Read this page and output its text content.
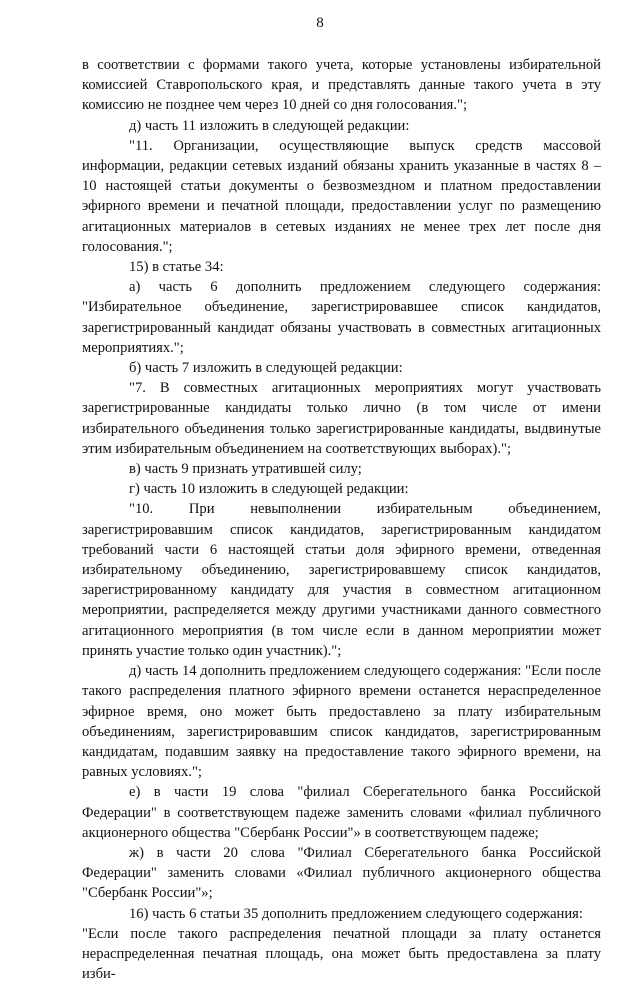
8

в соответствии с формами такого учета, которые установлены избирательной комиссией Ставропольского края, и представлять данные такого учета в эту комиссию не позднее чем через 10 дней со дня голосования.";

д) часть 11 изложить в следующей редакции:

"11. Организации, осуществляющие выпуск средств массовой информации, редакции сетевых изданий обязаны хранить указанные в частях 8 – 10 настоящей статьи документы о безвозмездном и платном предоставлении эфирного времени и печатной площади, предоставлении услуг по размещению агитационных материалов в сетевых изданиях не менее трех лет после дня голосования.";

15) в статье 34:

а) часть 6 дополнить предложением следующего содержания: "Избирательное объединение, зарегистрировавшее список кандидатов, зарегистрированный кандидат обязаны участвовать в совместных агитационных мероприятиях.";

б) часть 7 изложить в следующей редакции:

"7. В совместных агитационных мероприятиях могут участвовать зарегистрированные кандидаты только лично (в том числе от имени избирательного объединения только зарегистрированные кандидаты, выдвинутые этим избирательным объединением на соответствующих выборах).";

в) часть 9 признать утратившей силу;

г) часть 10 изложить в следующей редакции:

"10. При невыполнении избирательным объединением, зарегистрировавшим список кандидатов, зарегистрированным кандидатом требований части 6 настоящей статьи доля эфирного времени, отведенная избирательному объединению, зарегистрировавшему список кандидатов, зарегистрированному кандидату для участия в совместном агитационном мероприятии, распределяется между другими участниками данного совместного агитационного мероприятия (в том числе если в данном мероприятии может принять участие только один участник).";

д) часть 14 дополнить предложением следующего содержания: "Если после такого распределения платного эфирного времени останется нераспределенное эфирное время, оно может быть предоставлено за плату избирательным объединениям, зарегистрировавшим список кандидатов, зарегистрированным кандидатам, подавшим заявку на предоставление такого эфирного времени, на равных условиях.";

е) в части 19 слова "филиал Сберегательного банка Российской Федерации" в соответствующем падеже заменить словами «филиал публичного акционерного общества "Сбербанк России"» в соответствующем падеже;

ж) в части 20 слова "Филиал Сберегательного банка Российской Федерации" заменить словами «Филиал публичного акционерного общества "Сбербанк России"»;

16) часть 6 статьи 35 дополнить предложением следующего содержания:

"Если после такого распределения печатной площади за плату останется нераспределенная печатная площадь, она может быть предоставлена за плату изби-
